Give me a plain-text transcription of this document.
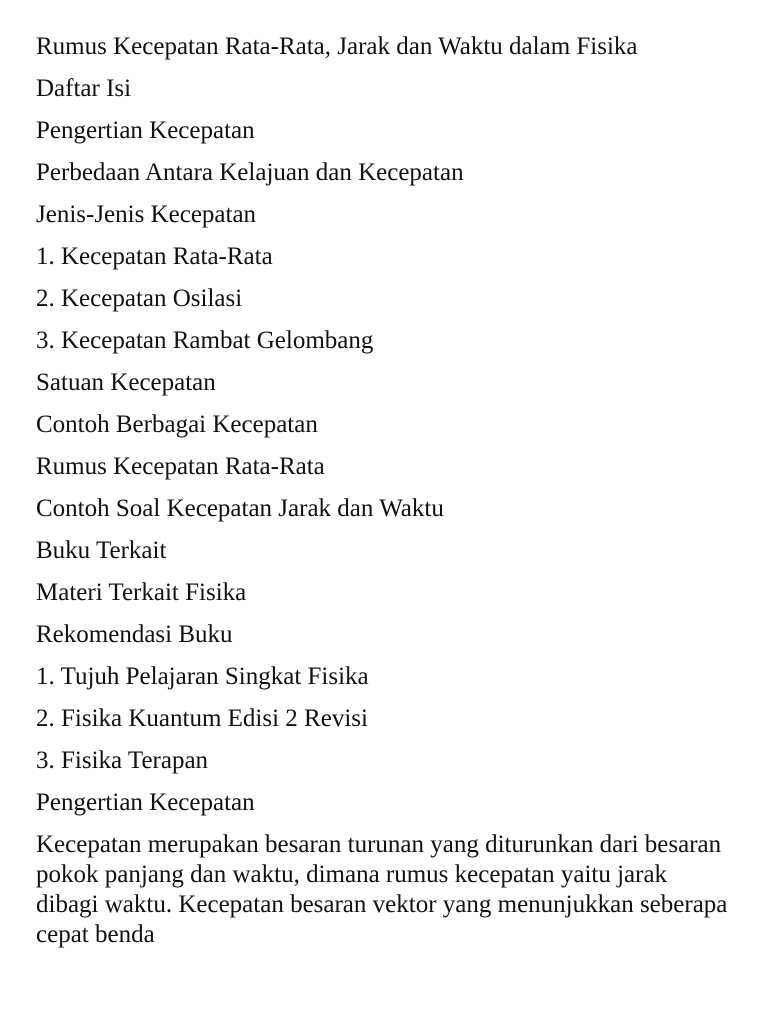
Rumus Kecepatan Rata-Rata, Jarak dan Waktu dalam Fisika
Daftar Isi
Pengertian Kecepatan
Perbedaan Antara Kelajuan dan Kecepatan
Jenis-Jenis Kecepatan
1. Kecepatan Rata-Rata
2. Kecepatan Osilasi
3. Kecepatan Rambat Gelombang
Satuan Kecepatan
Contoh Berbagai Kecepatan
Rumus Kecepatan Rata-Rata
Contoh Soal Kecepatan Jarak dan Waktu
Buku Terkait
Materi Terkait Fisika
Rekomendasi Buku
1. Tujuh Pelajaran Singkat Fisika
2. Fisika Kuantum Edisi 2 Revisi
3. Fisika Terapan
Pengertian Kecepatan

Kecepatan merupakan besaran turunan yang diturunkan dari besaran pokok panjang dan waktu, dimana rumus kecepatan yaitu jarak dibagi waktu. Kecepatan besaran vektor yang menunjukkan seberapa cepat benda
